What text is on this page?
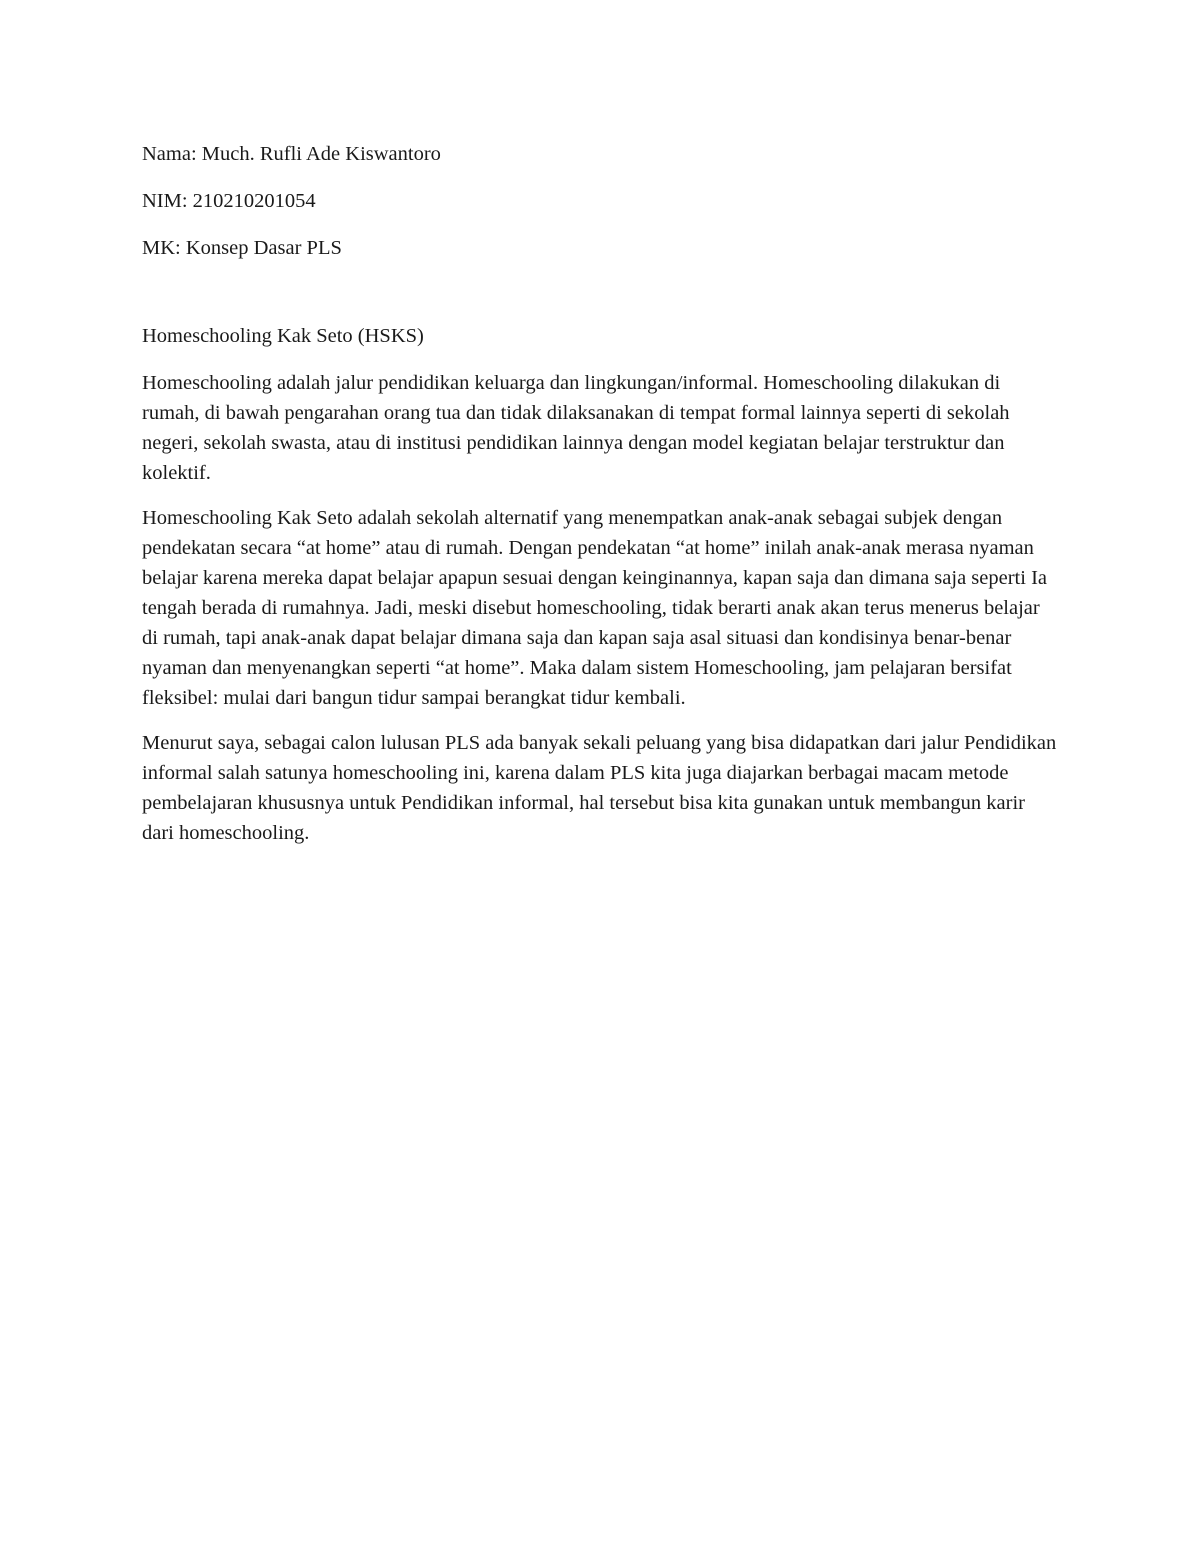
Nama: Much. Rufli Ade Kiswantoro

NIM: 210210201054

MK: Konsep Dasar PLS

Homeschooling Kak Seto (HSKS)

Homeschooling adalah jalur pendidikan keluarga dan lingkungan/informal. Homeschooling dilakukan di rumah, di bawah pengarahan orang tua dan tidak dilaksanakan di tempat formal lainnya seperti di sekolah negeri, sekolah swasta, atau di institusi pendidikan lainnya dengan model kegiatan belajar terstruktur dan kolektif.

Homeschooling Kak Seto adalah sekolah alternatif yang menempatkan anak-anak sebagai subjek dengan pendekatan secara “at home” atau di rumah. Dengan pendekatan “at home” inilah anak-anak merasa nyaman belajar karena mereka dapat belajar apapun sesuai dengan keinginannya, kapan saja dan dimana saja seperti Ia tengah berada di rumahnya. Jadi, meski disebut homeschooling, tidak berarti anak akan terus menerus belajar di rumah, tapi anak-anak dapat belajar dimana saja dan kapan saja asal situasi dan kondisinya benar-benar nyaman dan menyenangkan seperti “at home”. Maka dalam sistem Homeschooling, jam pelajaran bersifat fleksibel: mulai dari bangun tidur sampai berangkat tidur kembali.

Menurut saya, sebagai calon lulusan PLS ada banyak sekali peluang yang bisa didapatkan dari jalur Pendidikan informal salah satunya homeschooling ini, karena dalam PLS kita juga diajarkan berbagai macam metode pembelajaran khususnya untuk Pendidikan informal, hal tersebut bisa kita gunakan untuk membangun karir dari homeschooling.
